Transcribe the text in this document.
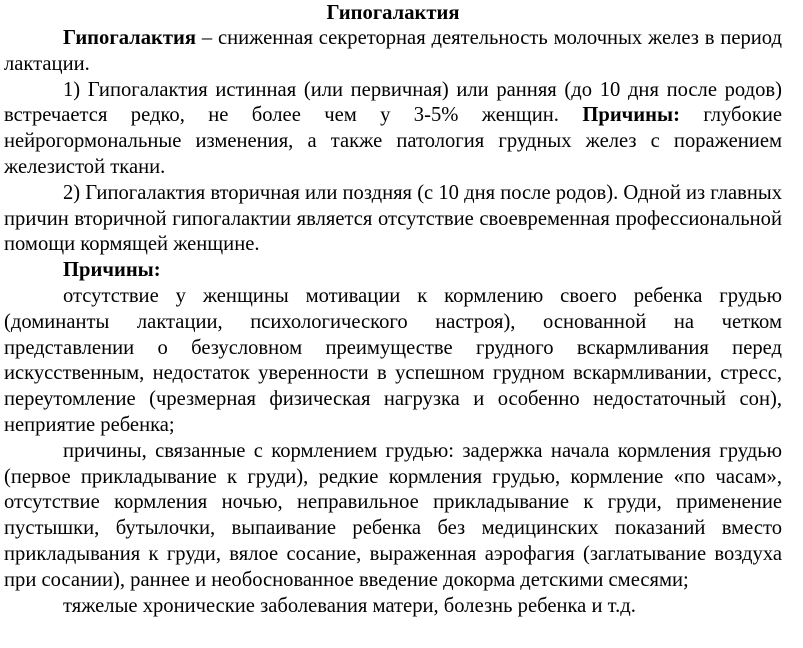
Гипогалактия

Гипогалактия – сниженная секреторная деятельность молочных желез в период лактации.

1) Гипогалактия истинная (или первичная) или ранняя (до 10 дня после родов) встречается редко, не более чем у 3-5% женщин. Причины: глубокие нейрогормональные изменения, а также патология грудных желез с поражением железистой ткани.

2) Гипогалактия вторичная или поздняя (с 10 дня после родов). Одной из главных причин вторичной гипогалактии является отсутствие своевременная профессиональной помощи кормящей женщине.

Причины:

отсутствие у женщины мотивации к кормлению своего ребенка грудью (доминанты лактации, психологического настроя), основанной на четком представлении о безусловном преимуществе грудного вскармливания перед искусственным, недостаток уверенности в успешном грудном вскармливании, стресс, переутомление (чрезмерная физическая нагрузка и особенно недостаточный сон), неприятие ребенка;

причины, связанные с кормлением грудью: задержка начала кормления грудью (первое прикладывание к груди), редкие кормления грудью, кормление «по часам», отсутствие кормления ночью, неправильное прикладывание к груди, применение пустышки, бутылочки, выпаивание ребенка без медицинских показаний вместо прикладывания к груди, вялое сосание, выраженная аэрофагия (заглатывание воздуха при сосании), раннее и необоснованное введение докорма детскими смесями;

тяжелые хронические заболевания матери, болезнь ребенка и т.д.
